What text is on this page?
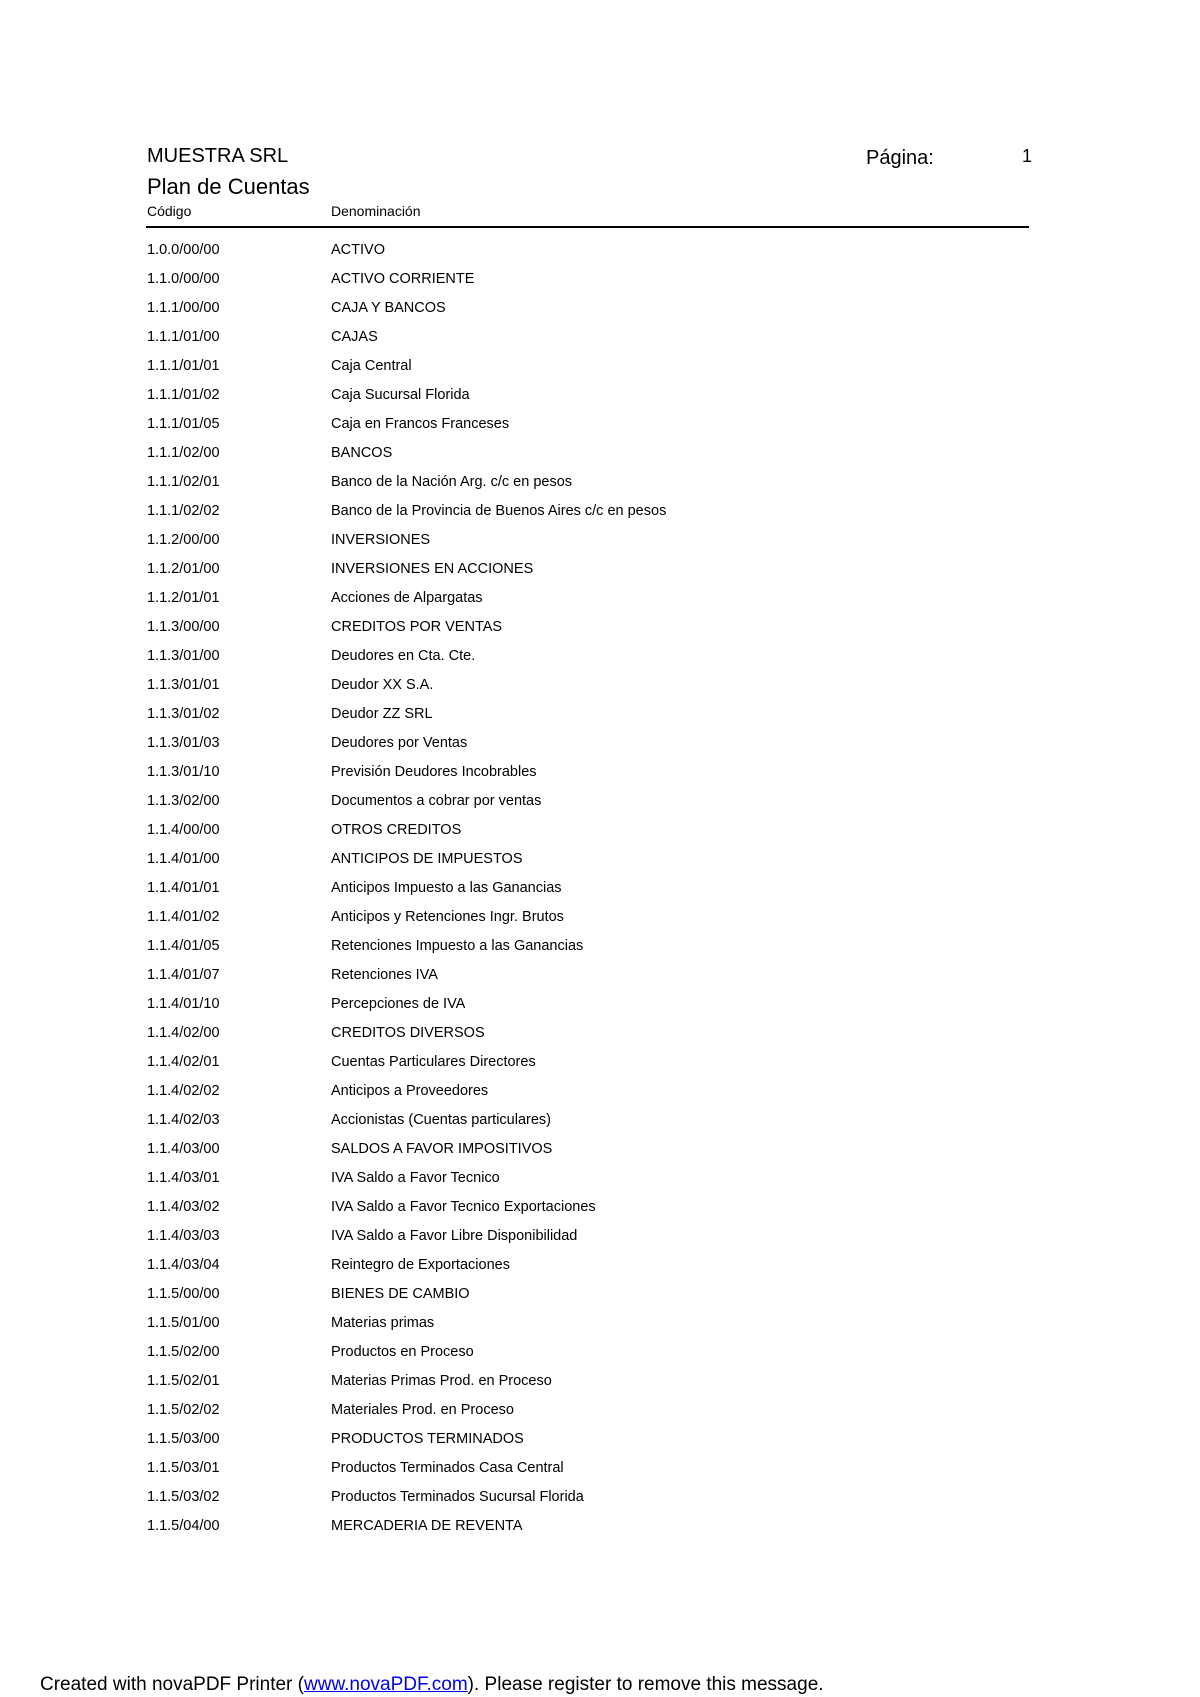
MUESTRA SRL	Página:	1
Plan de Cuentas
Código	Denominación
1.0.0/00/00	ACTIVO
1.1.0/00/00	ACTIVO CORRIENTE
1.1.1/00/00	CAJA Y BANCOS
1.1.1/01/00	CAJAS
1.1.1/01/01	Caja Central
1.1.1/01/02	Caja Sucursal Florida
1.1.1/01/05	Caja en Francos Franceses
1.1.1/02/00	BANCOS
1.1.1/02/01	Banco de la Nación Arg. c/c en pesos
1.1.1/02/02	Banco de la Provincia de Buenos Aires c/c en pesos
1.1.2/00/00	INVERSIONES
1.1.2/01/00	INVERSIONES EN ACCIONES
1.1.2/01/01	Acciones de Alpargatas
1.1.3/00/00	CREDITOS POR VENTAS
1.1.3/01/00	Deudores en Cta. Cte.
1.1.3/01/01	Deudor XX S.A.
1.1.3/01/02	Deudor ZZ SRL
1.1.3/01/03	Deudores por Ventas
1.1.3/01/10	Previsión Deudores Incobrables
1.1.3/02/00	Documentos a cobrar por ventas
1.1.4/00/00	OTROS CREDITOS
1.1.4/01/00	ANTICIPOS DE IMPUESTOS
1.1.4/01/01	Anticipos Impuesto a las Ganancias
1.1.4/01/02	Anticipos y Retenciones Ingr. Brutos
1.1.4/01/05	Retenciones Impuesto a las Ganancias
1.1.4/01/07	Retenciones IVA
1.1.4/01/10	Percepciones de IVA
1.1.4/02/00	CREDITOS DIVERSOS
1.1.4/02/01	Cuentas Particulares Directores
1.1.4/02/02	Anticipos a Proveedores
1.1.4/02/03	Accionistas (Cuentas particulares)
1.1.4/03/00	SALDOS A FAVOR IMPOSITIVOS
1.1.4/03/01	IVA Saldo a Favor Tecnico
1.1.4/03/02	IVA Saldo a Favor Tecnico Exportaciones
1.1.4/03/03	IVA Saldo a Favor Libre Disponibilidad
1.1.4/03/04	Reintegro de Exportaciones
1.1.5/00/00	BIENES DE CAMBIO
1.1.5/01/00	Materias primas
1.1.5/02/00	Productos en Proceso
1.1.5/02/01	Materias Primas Prod. en Proceso
1.1.5/02/02	Materiales Prod. en Proceso
1.1.5/03/00	PRODUCTOS TERMINADOS
1.1.5/03/01	Productos Terminados Casa Central
1.1.5/03/02	Productos Terminados Sucursal Florida
1.1.5/04/00	MERCADERIA DE REVENTA
Created with novaPDF Printer (www.novaPDF.com). Please register to remove this message.
